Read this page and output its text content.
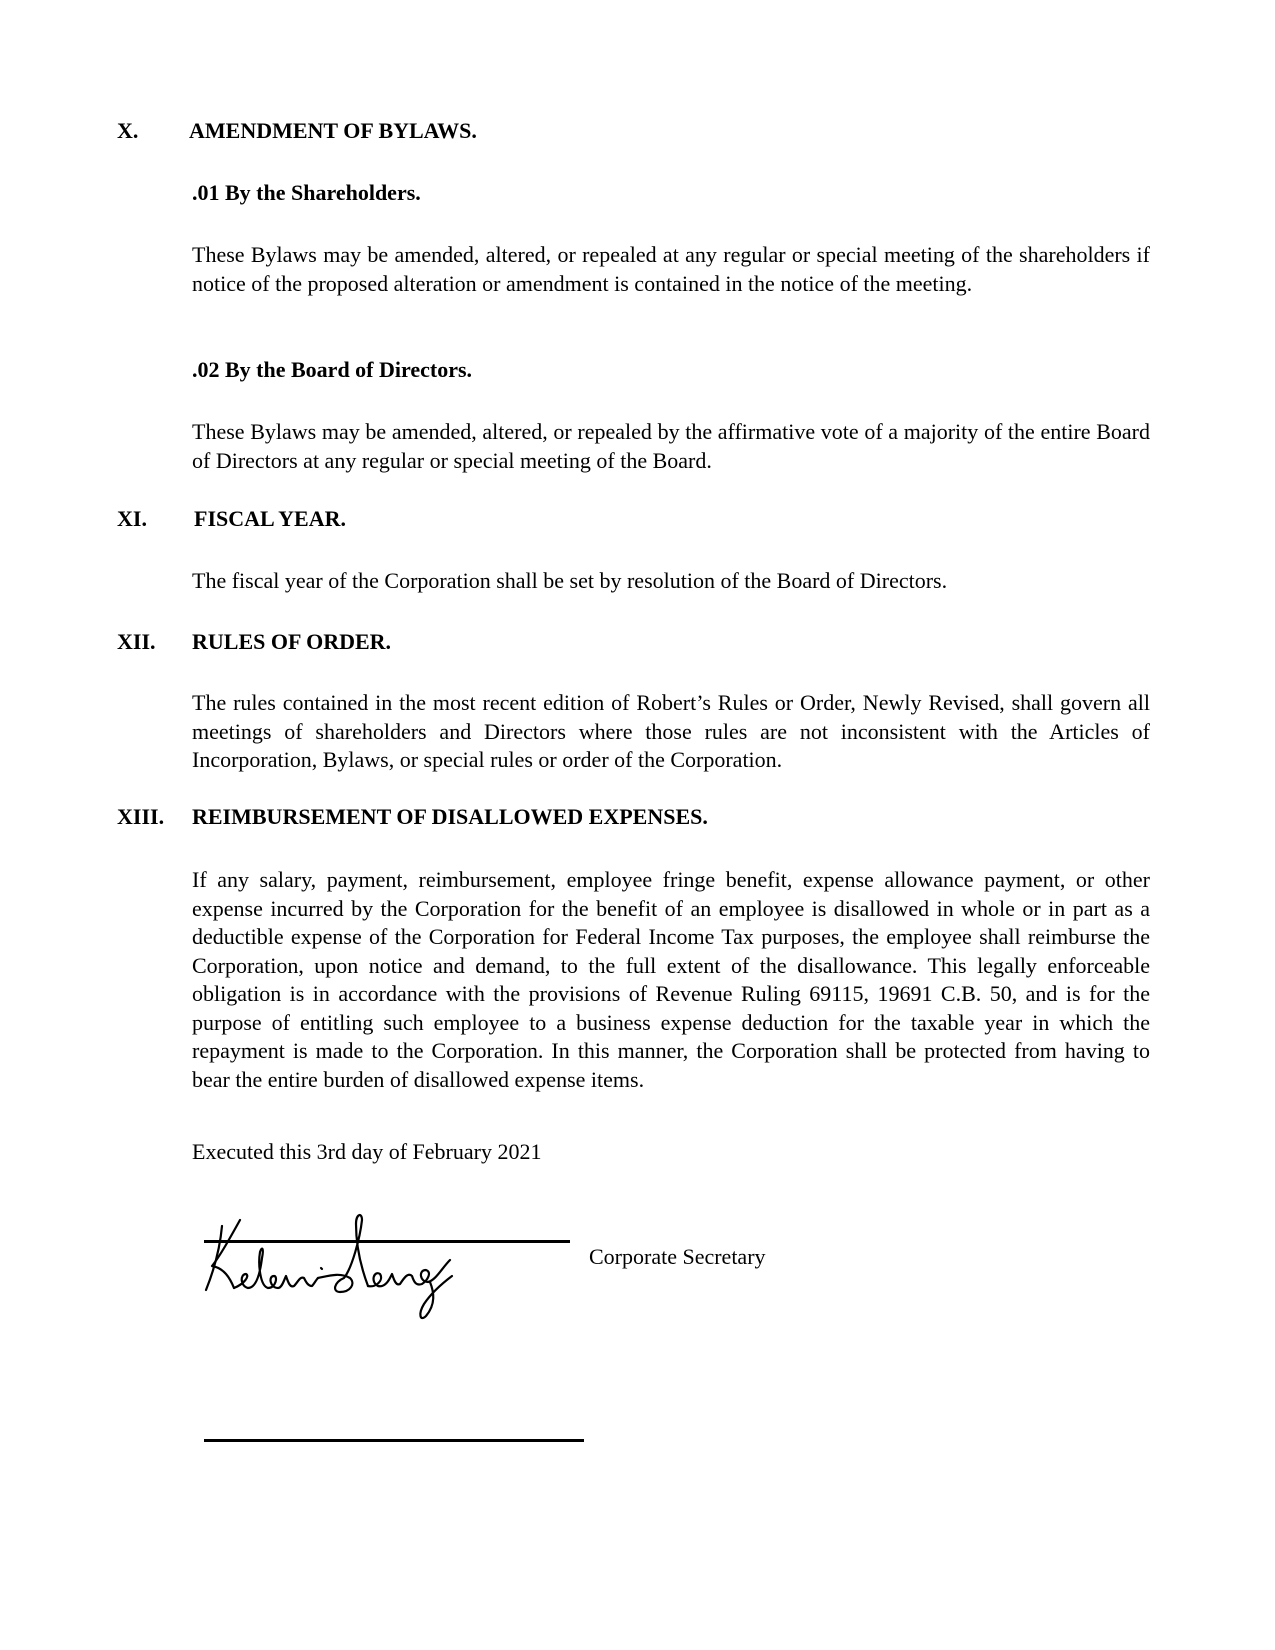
X. AMENDMENT OF BYLAWS.
.01 By the Shareholders.

These Bylaws may be amended, altered, or repealed at any regular or special meeting of the shareholders if notice of the proposed alteration or amendment is contained in the notice of the meeting.

.02 By the Board of Directors.

These Bylaws may be amended, altered, or repealed by the affirmative vote of a majority of the entire Board of Directors at any regular or special meeting of the Board.

XI. FISCAL YEAR.
The fiscal year of the Corporation shall be set by resolution of the Board of Directors.
XII. RULES OF ORDER.

The rules contained in the most recent edition of Robert’s Rules or Order, Newly Revised, shall govern all meetings of shareholders and Directors where those rules are not inconsistent with the Articles of Incorporation, Bylaws, or special rules or order of the Corporation.

XIII. REIMBURSEMENT OF DISALLOWED EXPENSES.

If any salary, payment, reimbursement, employee fringe benefit, expense allowance payment, or other expense incurred by the Corporation for the benefit of an employee is disallowed in whole or in part as a deductible expense of the Corporation for Federal Income Tax purposes, the employee shall reimburse the Corporation, upon notice and demand, to the full extent of the disallowance. This legally enforceable obligation is in accordance with the provisions of Revenue Ruling 69115, 19691 C.B. 50, and is for the purpose of entitling such employee to a business expense deduction for the taxable year in which the repayment is made to the Corporation. In this manner, the Corporation shall be protected from having to bear the entire burden of disallowed expense items.

Executed this 3rd day of February 2021
Corporate Secretary
